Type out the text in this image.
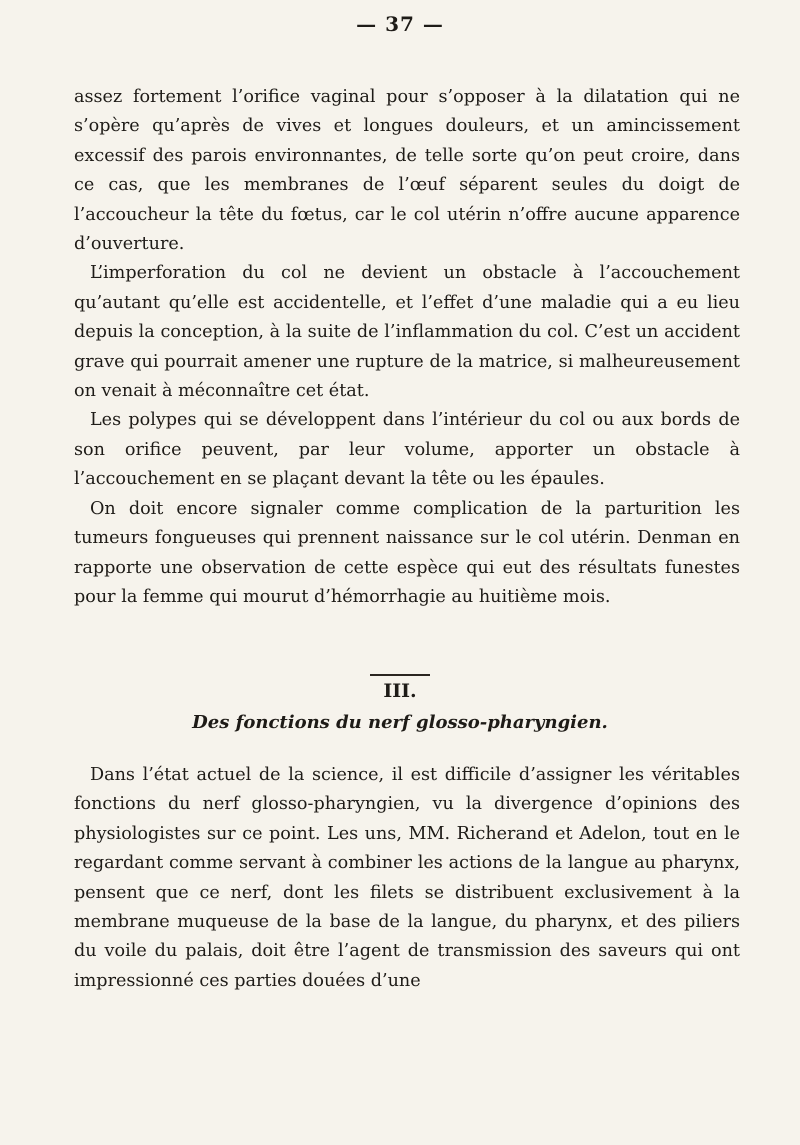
— 37 —

assez fortement l’orifice vaginal pour s’opposer à la dilatation qui ne s’opère qu’après de vives et longues douleurs, et un amincissement excessif des parois environnantes, de telle sorte qu’on peut croire, dans ce cas, que les membranes de l’œuf séparent seules du doigt de l’accoucheur la tête du fœtus, car le col utérin n’offre aucune apparence d’ouverture.

L’imperforation du col ne devient un obstacle à l’accouchement qu’autant qu’elle est accidentelle, et l’effet d’une maladie qui a eu lieu depuis la conception, à la suite de l’inflammation du col. C’est un accident grave qui pourrait amener une rupture de la matrice, si malheureusement on venait à méconnaître cet état.

Les polypes qui se développent dans l’intérieur du col ou aux bords de son orifice peuvent, par leur volume, apporter un obstacle à l’accouchement en se plaçant devant la tête ou les épaules.

On doit encore signaler comme complication de la parturition les tumeurs fongueuses qui prennent naissance sur le col utérin. Denman en rapporte une observation de cette espèce qui eut des résultats funestes pour la femme qui mourut d’hémorrhagie au huitième mois.

III.
Des fonctions du nerf glosso-pharyngien.

Dans l’état actuel de la science, il est difficile d’assigner les véritables fonctions du nerf glosso-pharyngien, vu la divergence d’opinions des physiologistes sur ce point. Les uns, MM. Richerand et Adelon, tout en le regardant comme servant à combiner les actions de la langue au pharynx, pensent que ce nerf, dont les filets se distribuent exclusivement à la membrane muqueuse de la base de la langue, du pharynx, et des piliers du voile du palais, doit être l’agent de transmission des saveurs qui ont impressionné ces parties douées d’une
